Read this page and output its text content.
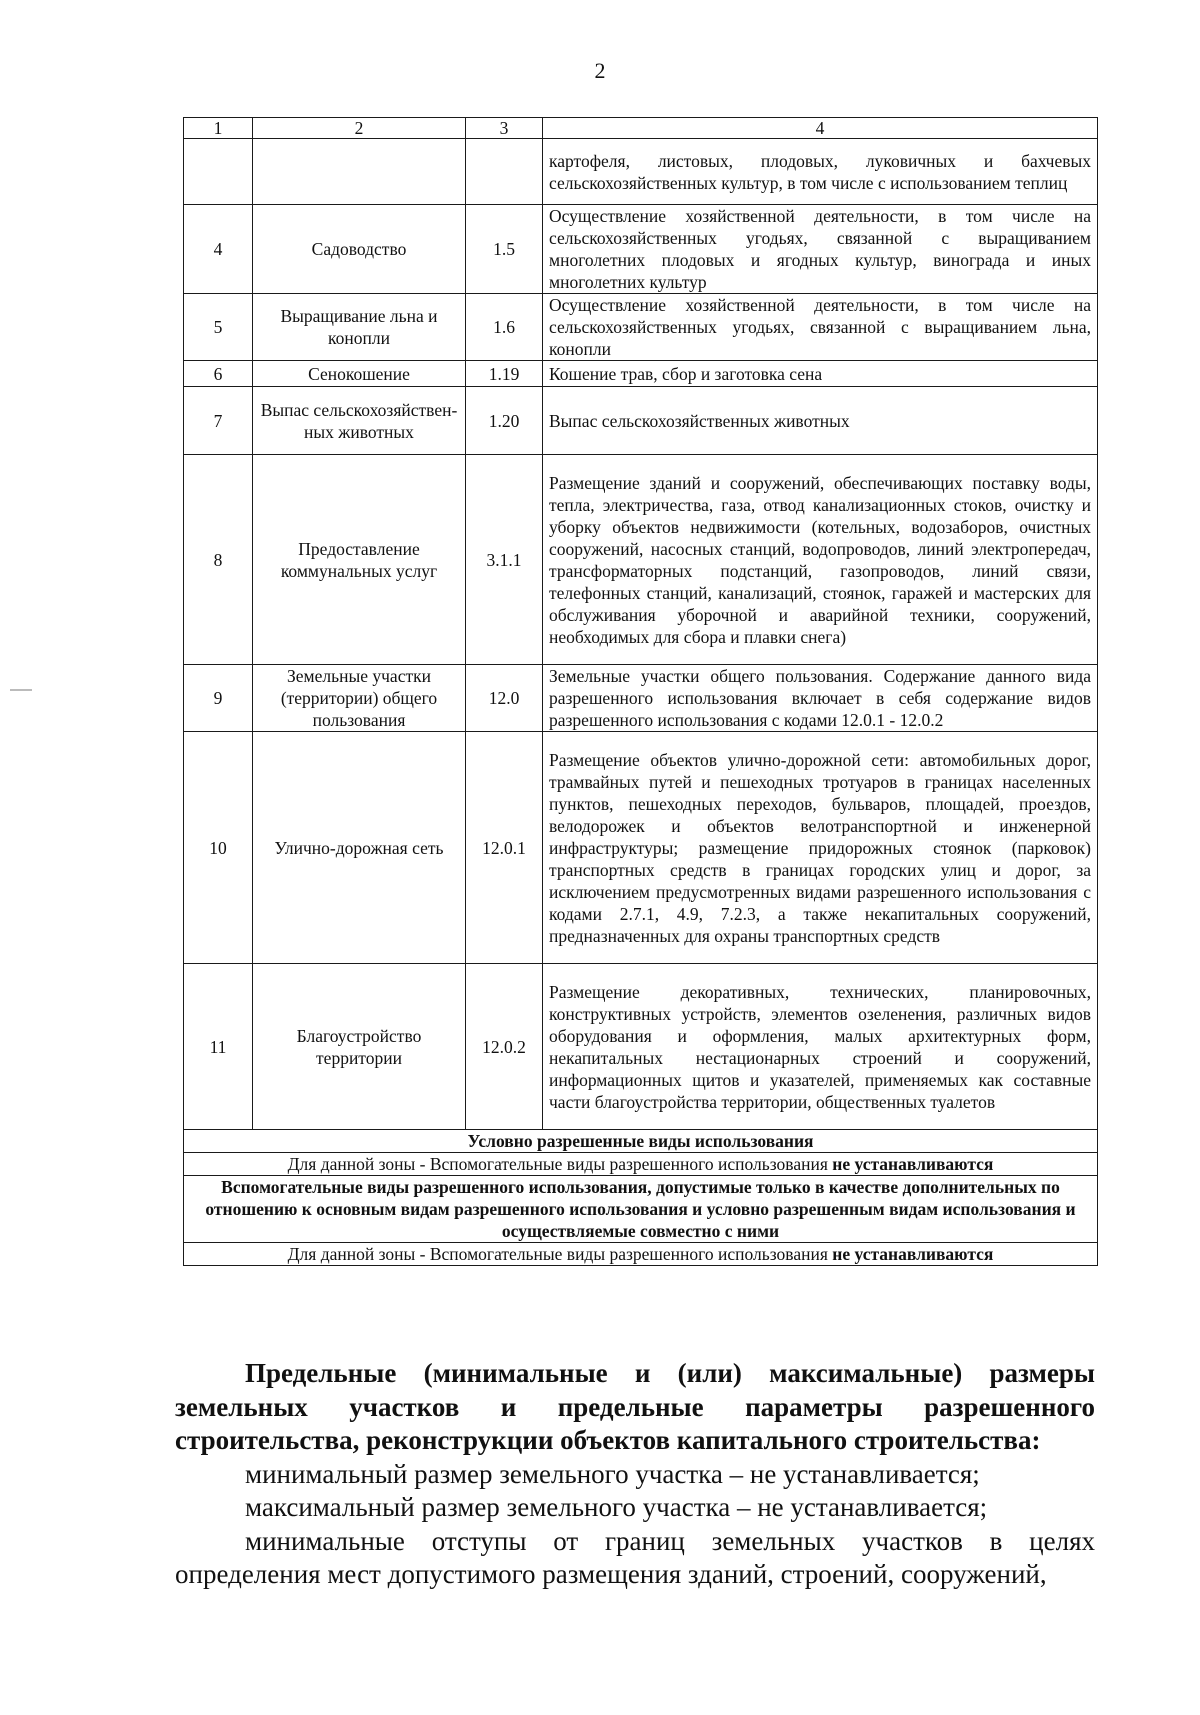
2
1	2	3	4
			картофеля, листовых, плодовых, луковичных и бахчевых сельскохозяйственных культур, в том числе с использованием теплиц
4	Садоводство	1.5	Осуществление хозяйственной деятельности, в том числе на сельскохозяйственных угодьях, связанной с выращиванием многолетних плодовых и ягодных культур, винограда и иных многолетних культур
5	Выращивание льна и конопли	1.6	Осуществление хозяйственной деятельности, в том числе на сельскохозяйственных угодьях, связанной с выращиванием льна, конопли
6	Сенокошение	1.19	Кошение трав, сбор и заготовка сена
7	Выпас сельскохозяйствен-ных животных	1.20	Выпас сельскохозяйственных животных
8	Предоставление коммунальных услуг	3.1.1	Размещение зданий и сооружений, обеспечивающих поставку воды, тепла, электричества, газа, отвод канализационных стоков, очистку и уборку объектов недвижимости (котельных, водозаборов, очистных сооружений, насосных станций, водопроводов, линий электропередач, трансформаторных подстанций, газопроводов, линий связи, телефонных станций, канализаций, стоянок, гаражей и мастерских для обслуживания уборочной и аварийной техники, сооружений, необходимых для сбора и плавки снега)
9	Земельные участки (территории) общего пользования	12.0	Земельные участки общего пользования. Содержание данного вида разрешенного использования включает в себя содержание видов разрешенного использования с кодами 12.0.1 - 12.0.2
10	Улично-дорожная сеть	12.0.1	Размещение объектов улично-дорожной сети: автомобильных дорог, трамвайных путей и пешеходных тротуаров в границах населенных пунктов, пешеходных переходов, бульваров, площадей, проездов, велодорожек и объектов велотранспортной и инженерной инфраструктуры; размещение придорожных стоянок (парковок) транспортных средств в границах городских улиц и дорог, за исключением предусмотренных видами разрешенного использования с кодами 2.7.1, 4.9, 7.2.3, а также некапитальных сооружений, предназначенных для охраны транспортных средств
11	Благоустройство территории	12.0.2	Размещение декоративных, технических, планировочных, конструктивных устройств, элементов озеленения, различных видов оборудования и оформления, малых архитектурных форм, некапитальных нестационарных строений и сооружений, информационных щитов и указателей, применяемых как составные части благоустройства территории, общественных туалетов
Условно разрешенные виды использования			
Для данной зоны - Вспомогательные виды разрешенного использования не устанавливаются			
Вспомогательные виды разрешенного использования, допустимые только в качестве дополнительных по отношению к основным видам разрешенного использования и условно разрешенным видам использования и осуществляемые совместно с ними			
Для данной зоны - Вспомогательные виды разрешенного использования не устанавливаются			

Предельные (минимальные и (или) максимальные) размеры

земельных участков и предельные параметры разрешенного

строительства, реконструкции объектов капитального строительства:

минимальный размер земельного участка – не устанавливается;

максимальный размер земельного участка – не устанавливается;

минимальные отступы от границ земельных участков в целях

определения мест допустимого размещения зданий, строений, сооружений,
